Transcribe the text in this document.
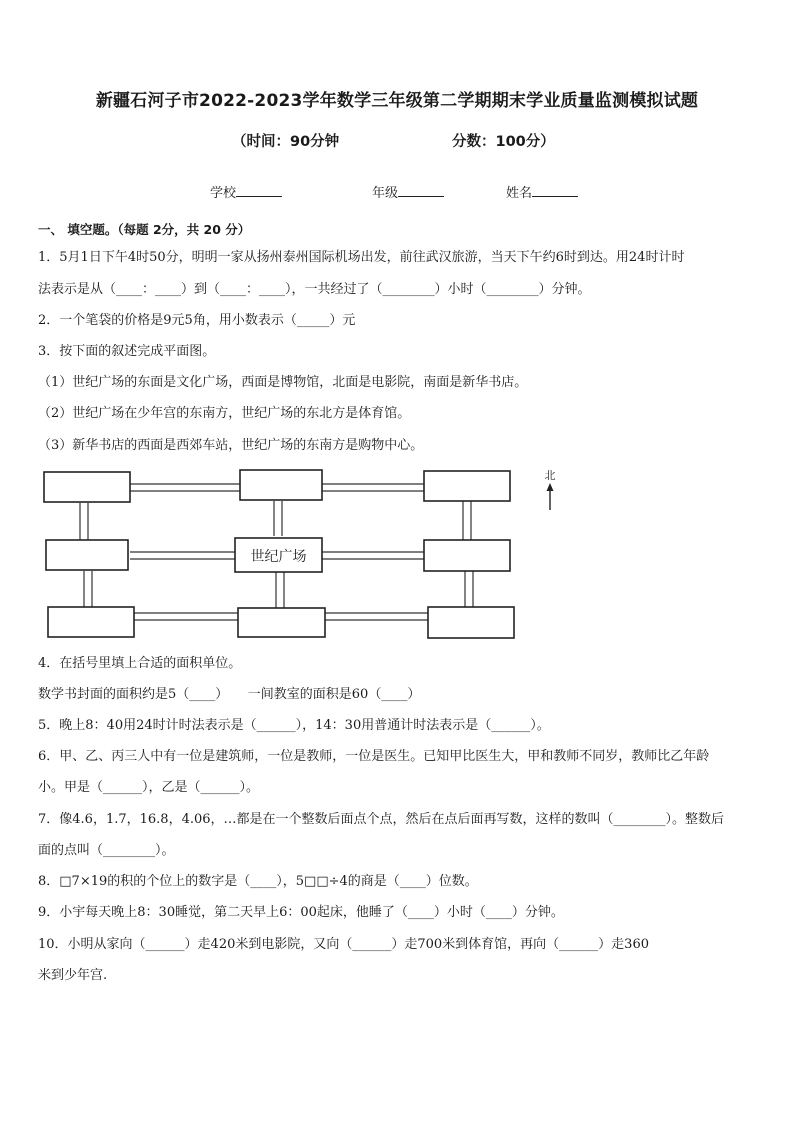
新疆石河子市2022-2023学年数学三年级第二学期期末学业质量监测模拟试题
（时间：90分钟	分数：100分）
学校	年级	姓名
一、 填空题。（每题 2分，共 20 分）
1．5月1日下午4时50分，明明一家从扬州泰州国际机场出发，前往武汉旅游，当天下午约6时到达。用24时计时
法表示是从（____：____）到（____：____），一共经过了（________）小时（________）分钟。
2．一个笔袋的价格是9元5角，用小数表示（_____）元
3．按下面的叙述完成平面图。
（1）世纪广场的东面是文化广场，西面是博物馆，北面是电影院，南面是新华书店。
（2）世纪广场在少年宫的东南方，世纪广场的东北方是体育馆。
（3）新华书店的西面是西郊车站，世纪广场的东南方是购物中心。
世纪广场
北
4．在括号里填上合适的面积单位。
数学书封面的面积约是5（____）　　一间教室的面积是60（____）
5．晚上8：40用24时计时法表示是（______），14：30用普通计时法表示是（______）。
6．甲、乙、丙三人中有一位是建筑师，一位是教师，一位是医生。已知甲比医生大，甲和教师不同岁，教师比乙年龄
小。甲是（______），乙是（______）。
7．像4.6，1.7，16.8，4.06，…都是在一个整数后面点个点，然后在点后面再写数，这样的数叫（________）。整数后
面的点叫（________）。
8．□7×19的积的个位上的数字是（____），5□□÷4的商是（____）位数。
9．小宇每天晚上8：30睡觉，第二天早上6：00起床，他睡了（____）小时（____）分钟。
10．小明从家向（______）走420米到电影院，又向（______）走700米到体育馆，再向（______）走360
米到少年宫.
